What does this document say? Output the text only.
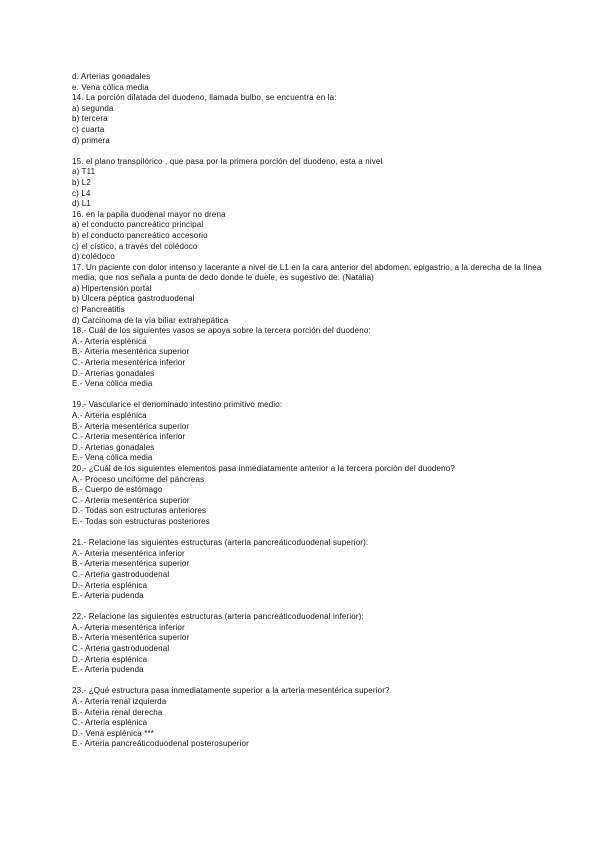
d. Arterias gonadales
e. Vena cólica media
14. La porción dilatada del duodeno, llamada bulbo, se encuentra en la:
a) segunda
b) tercera
c) cuarta
d) primera
15. el plano transpilórico , que pasa por la primera porción del duodeno, esta a nivel
a) T11
b) L2
c) L4
d) L1
16. en la papila duodenal mayor no drena
a) el conducto pancreático principal
b) el conducto pancreático accesorio
c) el cístico, a través del colédoco
d) colédoco
17. Un paciente con dolor intenso y lacerante a nivel de L1 en la cara anterior del abdomen, epigastrio, a la derecha de la línea media, que nos señala a punta de dedo donde le duele, es sugestivo de: (Natalia)
a) Hipertensión portal
b) Úlcera péptica gastroduodenal
c) Pancreatitis
d) Carcinoma de la vía biliar extrahepática
18.- Cuál de los siguientes vasos se apoya sobre la tercera porción del duodeno:
A.- Arteria esplénica
B.- Arteria mesentérica superior
C.- Arteria mesentérica inferior
D.- Arterias gonadales
E.- Vena cólica media
19.- Vascularice el denominado intestino primitivo medio:
A.- Arteria esplénica
B.- Arteria mesentérica superior
C.- Arteria mesentérica inferior
D.- Arterias gonadales
E.- Vena cólica media
20.- ¿Cuál de los siguientes elementos pasa inmediatamente anterior a la tercera porción del duodeno?
A.- Proceso unciforme del páncreas
B.- Cuerpo de estómago
C.- Arteria mesentérica superior
D.- Todas son estructuras anteriores
E.- Todas son estructuras posteriores
21.- Relacione las siguientes estructuras (arteria pancreáticoduodenal superior):
A.- Arteria mesentérica inferior
B.- Arteria mesentérica superior
C.- Arteria gastroduodenal
D.- Arteria esplénica
E.- Arteria pudenda
22.- Relacione las siguientes estructuras (arteria pancreáticoduodenal inferior):
A.- Arteria mesentérica inferior
B.- Arteria mesentérica superior
C.- Arteria gastroduodenal
D.- Arteria esplénica
E.- Arteria pudenda
23.- ¿Qué estructura pasa inmediatamente superior a la arteria mesentérica superior?
A.- Arteria renal izquierda
B.- Arteria renal derecha
C.- Arteria esplénica
D.- Vena esplénica ***
E.- Arteria pancreáticoduodenal posterosuperior
